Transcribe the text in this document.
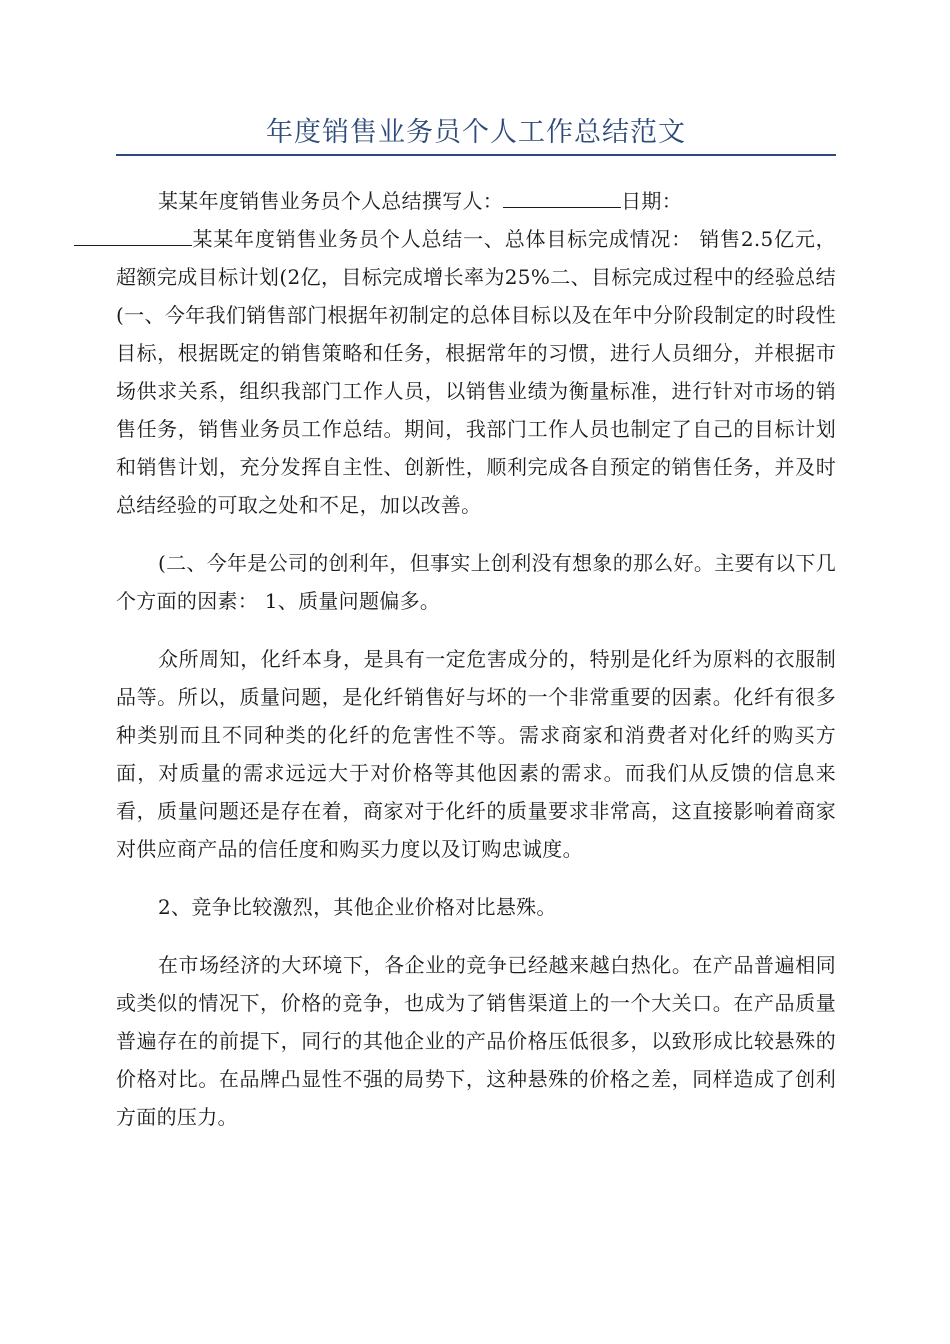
年度销售业务员个人工作总结范文

某某年度销售业务员个人总结撰写人：	日期：
某某年度销售业务员个人总结一、总体目标完成情况： 销售2.5亿元，超额完成目标计划(2亿，目标完成增长率为25%二、目标完成过程中的经验总结(一、今年我们销售部门根据年初制定的总体目标以及在年中分阶段制定的时段性目标，根据既定的销售策略和任务，根据常年的习惯，进行人员细分，并根据市场供求关系，组织我部门工作人员，以销售业绩为衡量标准，进行针对市场的销售任务，销售业务员工作总结。期间，我部门工作人员也制定了自己的目标计划和销售计划，充分发挥自主性、创新性，顺利完成各自预定的销售任务，并及时总结经验的可取之处和不足，加以改善。

(二、今年是公司的创利年，但事实上创利没有想象的那么好。主要有以下几个方面的因素： 1、质量问题偏多。

众所周知，化纤本身，是具有一定危害成分的，特别是化纤为原料的衣服制品等。所以，质量问题，是化纤销售好与坏的一个非常重要的因素。化纤有很多种类别而且不同种类的化纤的危害性不等。需求商家和消费者对化纤的购买方面，对质量的需求远远大于对价格等其他因素的需求。而我们从反馈的信息来看，质量问题还是存在着，商家对于化纤的质量要求非常高，这直接影响着商家对供应商产品的信任度和购买力度以及订购忠诚度。

2、竞争比较激烈，其他企业价格对比悬殊。

在市场经济的大环境下，各企业的竞争已经越来越白热化。在产品普遍相同或类似的情况下，价格的竞争，也成为了销售渠道上的一个大关口。在产品质量普遍存在的前提下，同行的其他企业的产品价格压低很多，以致形成比较悬殊的价格对比。在品牌凸显性不强的局势下，这种悬殊的价格之差，同样造成了创利方面的压力。
